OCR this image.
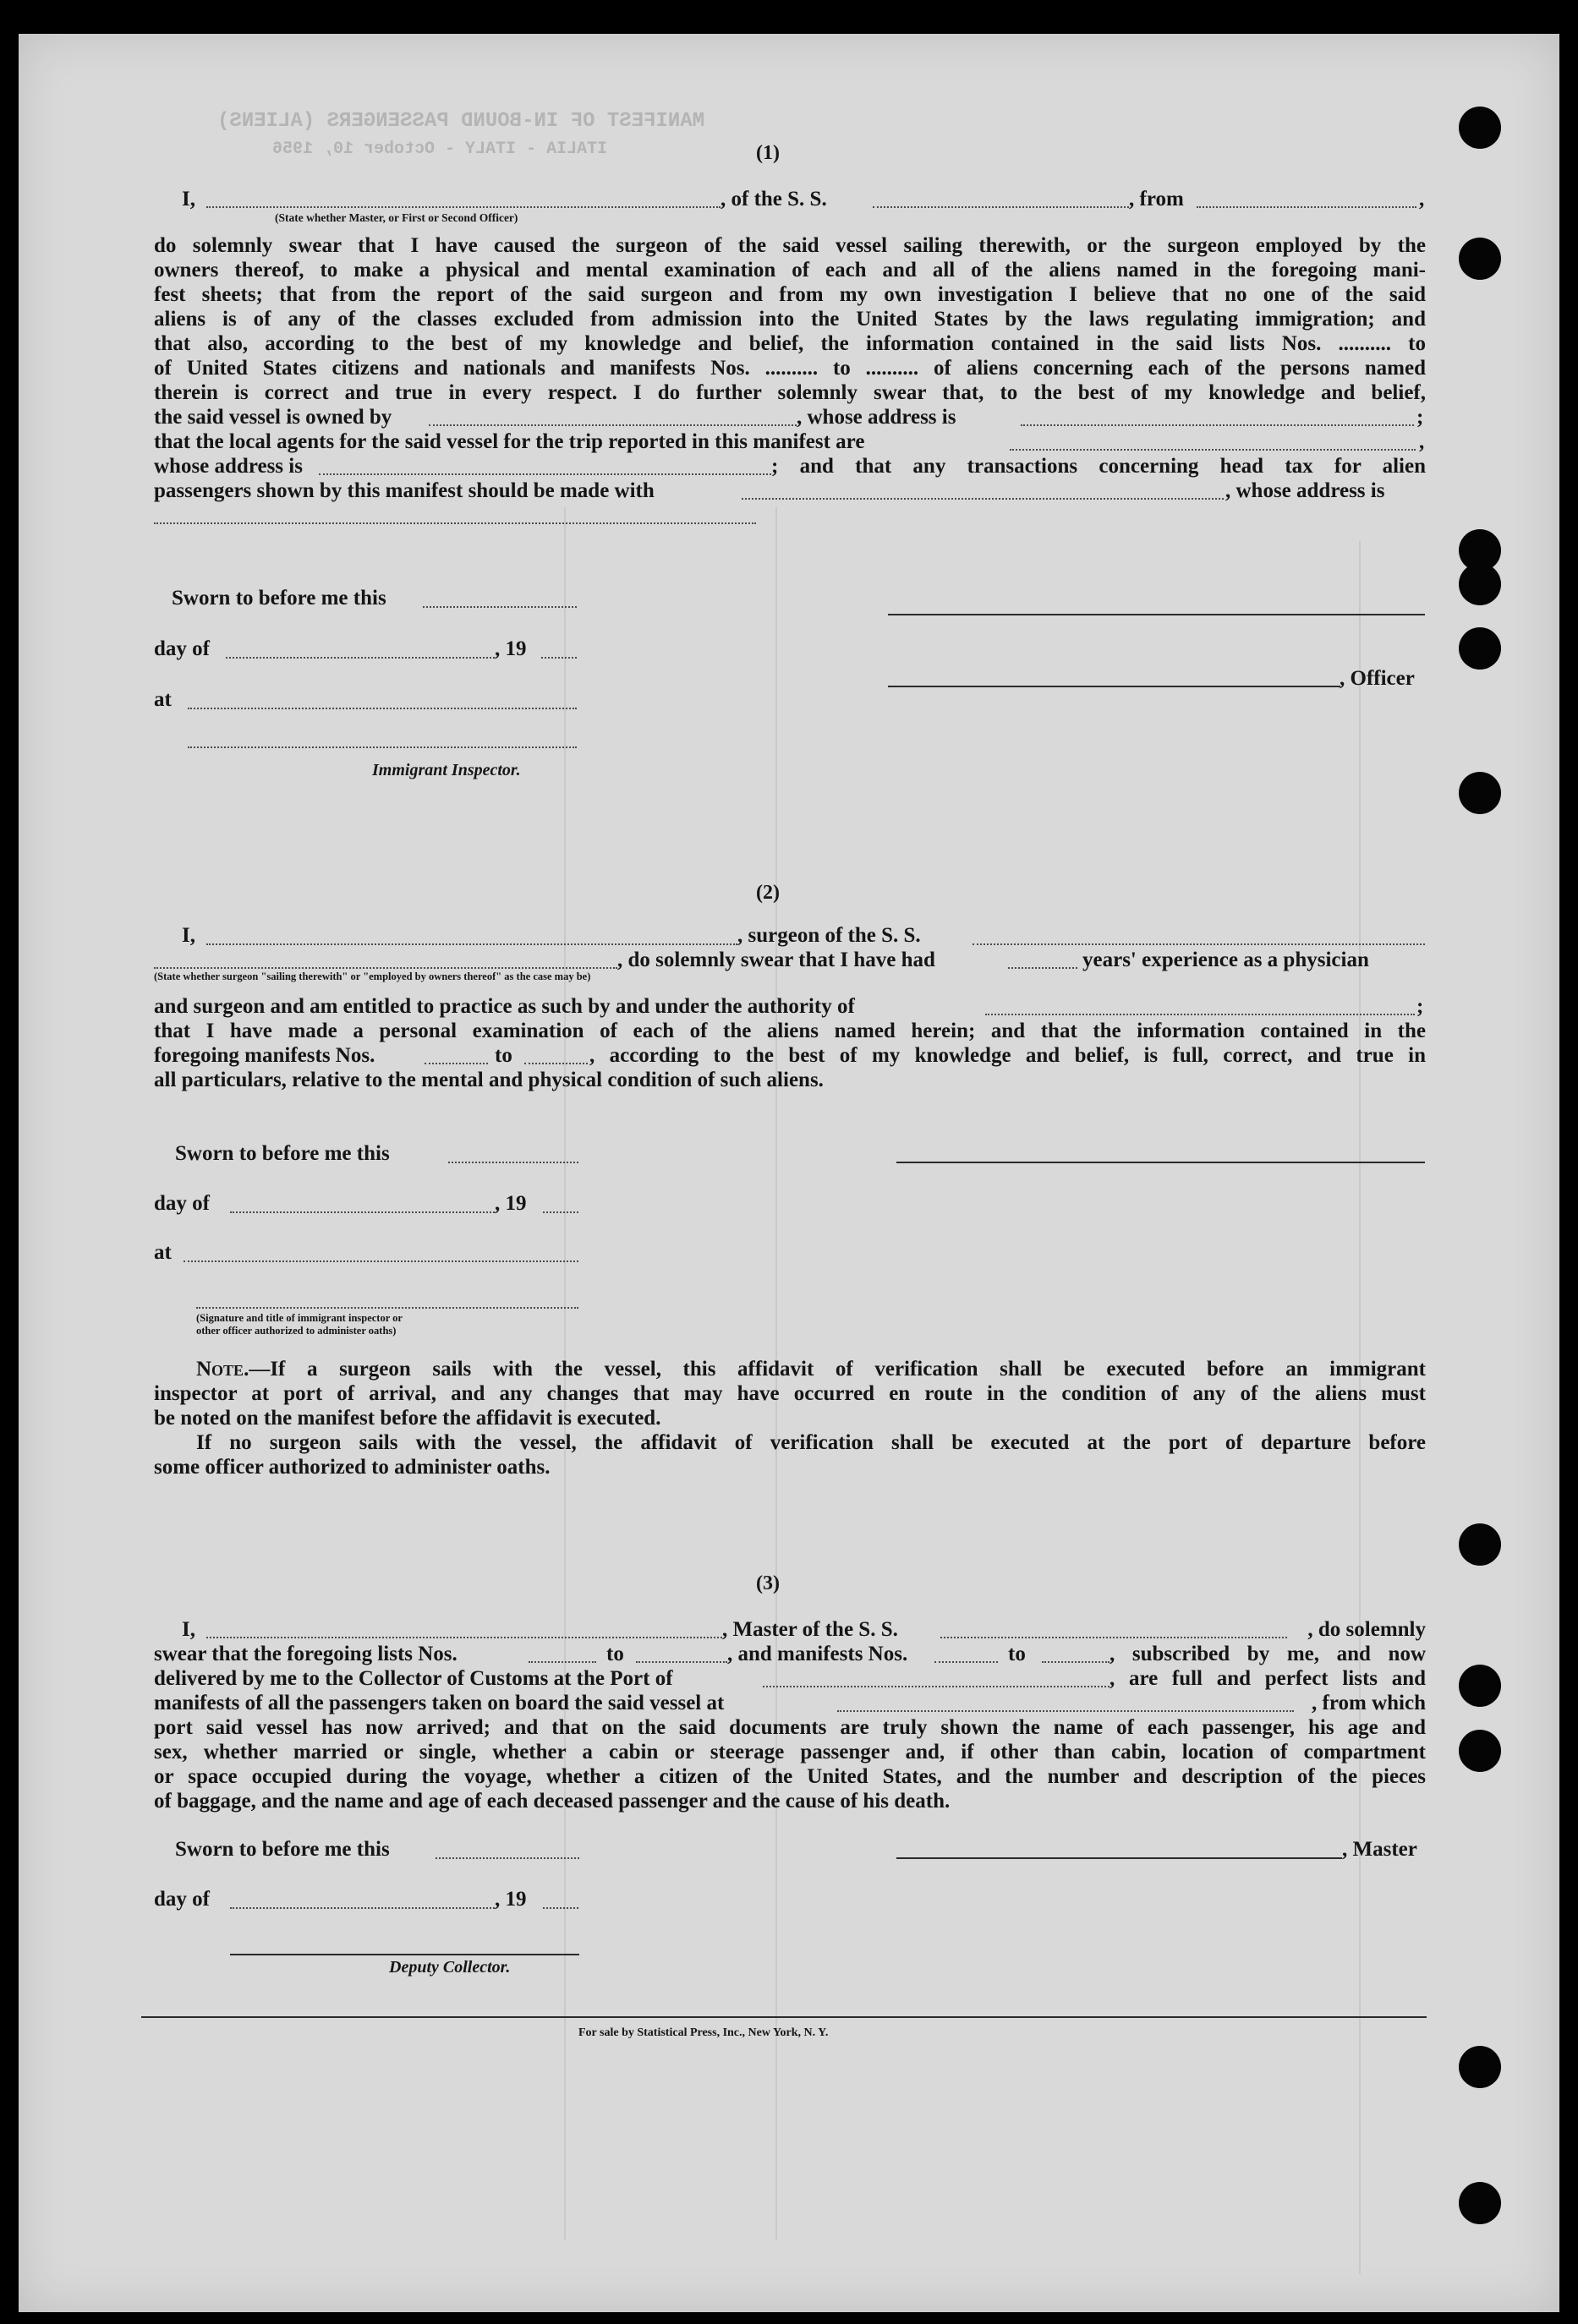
MANIFEST OF IN-BOUND PASSENGERS (ALIENS)
ITALIA - ITALY - October 10, 1956	(1)
I,	, of the S. S.	, from	,
(State whether Master, or First or Second Officer)
do solemnly swear that I have caused the surgeon of the said vessel sailing therewith, or the surgeon employed by the
owners thereof, to make a physical and mental examination of each and all of the aliens named in the foregoing mani-
fest sheets; that from the report of the said surgeon and from my own investigation I believe that no one of the said
aliens is of any of the classes excluded from admission into the United States by the laws regulating immigration; and
that also, according to the best of my knowledge and belief, the information contained in the said lists Nos. .......... to
of United States citizens and nationals and manifests Nos. .......... to .......... of aliens concerning each of the persons named
therein is correct and true in every respect. I do further solemnly swear that, to the best of my knowledge and belief,
the said vessel is owned by	, whose address is	;
that the local agents for the said vessel for the trip reported in this manifest are	,
whose address is	; and that any transactions concerning head tax for alien
passengers shown by this manifest should be made with	, whose address is
Sworn to before me this
day of	, 19
at
Immigrant Inspector.
, Officer
(2)
I,	, surgeon of the S. S.
, do solemnly swear that I have had	years' experience as a physician
(State whether surgeon "sailing therewith" or "employed by owners thereof" as the case may be)
and surgeon and am entitled to practice as such by and under the authority of	;
that I have made a personal examination of each of the aliens named herein; and that the information contained in the
foregoing manifests Nos.	to	, according to the best of my knowledge and belief, is full, correct, and true in
all particulars, relative to the mental and physical condition of such aliens.
Sworn to before me this
day of	, 19
at
(Signature and title of immigrant inspector or
other officer authorized to administer oaths)
Note.—If a surgeon sails with the vessel, this affidavit of verification shall be executed before an immigrant
inspector at port of arrival, and any changes that may have occurred en route in the condition of any of the aliens must
be noted on the manifest before the affidavit is executed.
If no surgeon sails with the vessel, the affidavit of verification shall be executed at the port of departure before
some officer authorized to administer oaths.
(3)
I,	, Master of the S. S.	, do solemnly
swear that the foregoing lists Nos.	to	, and manifests Nos.	to	, subscribed by me, and now
delivered by me to the Collector of Customs at the Port of	, are full and perfect lists and
manifests of all the passengers taken on board the said vessel at	, from which
port said vessel has now arrived; and that on the said documents are truly shown the name of each passenger, his age and
sex, whether married or single, whether a cabin or steerage passenger and, if other than cabin, location of compartment
or space occupied during the voyage, whether a citizen of the United States, and the number and description of the pieces
of baggage, and the name and age of each deceased passenger and the cause of his death.
Sworn to before me this	, Master
day of	, 19
Deputy Collector.
For sale by Statistical Press, Inc., New York, N. Y.
